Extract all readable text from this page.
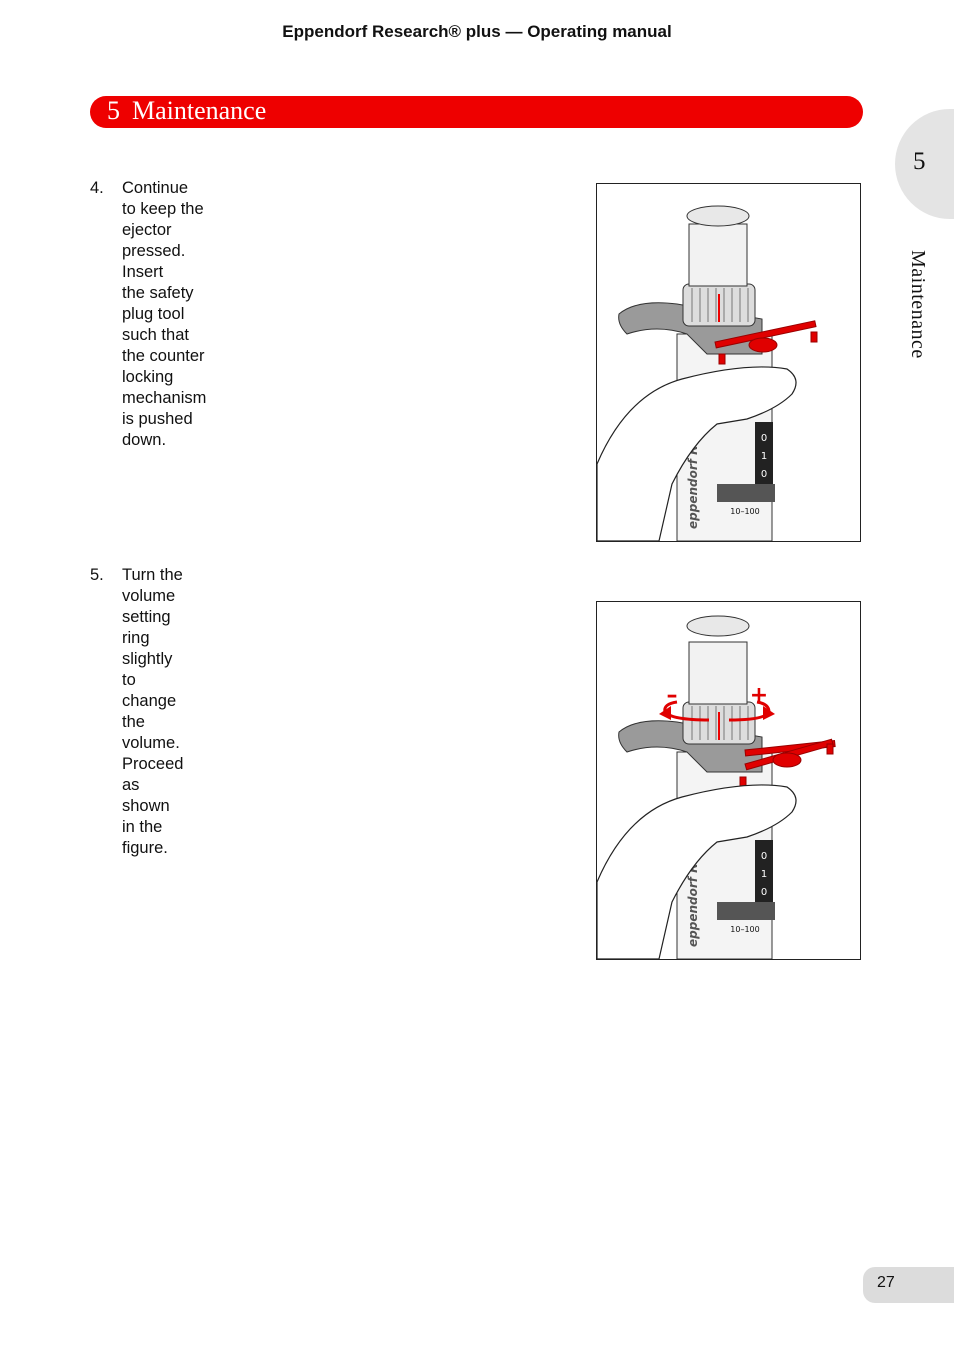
Eppendorf Research® plus — Operating manual
5 Maintenance
5
Maintenance
4. Continue to keep the ejector pressed. Insert
the safety plug tool such that the counter
locking mechanism is pushed down.	0
1
0
10–100
eppendorf Research
5. Turn the volume setting ring slightly to change the volume. Proceed as shown in the figure.	0
1
0
10–100
eppendorf Research
–	+
27
